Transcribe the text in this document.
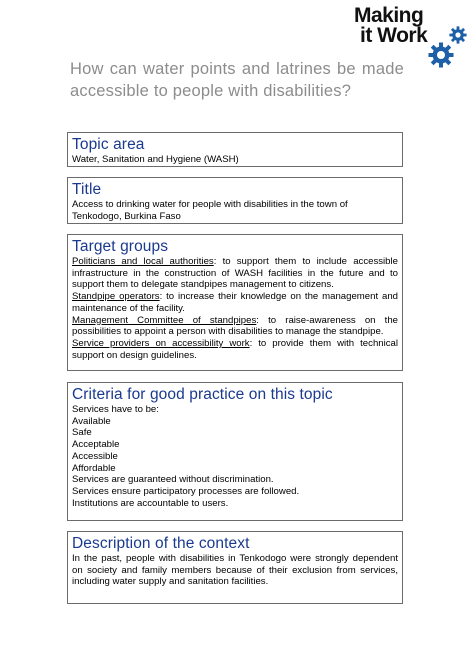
Making
it Work
How can water points and latrines be made accessible to people with disabilities?
Topic area
Water, Sanitation and Hygiene (WASH)
Title
Access to drinking water for people with disabilities in the town of Tenkodogo, Burkina Faso
Target groups
Politicians and local authorities: to support them to include accessible infrastructure in the construction of WASH facilities in the future and to support them to delegate standpipes management to citizens.
Standpipe operators: to increase their knowledge on the management and maintenance of the facility.
Management Committee of standpipes: to raise-awareness on the possibilities to appoint a person with disabilities to manage the standpipe.
Service providers on accessibility work: to provide them with technical support on design guidelines.
Criteria for good practice on this topic
Services have to be:
Available
Safe
Acceptable
Accessible
Affordable
Services are guaranteed without discrimination.
Services ensure participatory processes are followed.
Institutions are accountable to users.
Description of the context
In the past, people with disabilities in Tenkodogo were strongly dependent on society and family members because of their exclusion from services, including water supply and sanitation facilities.
